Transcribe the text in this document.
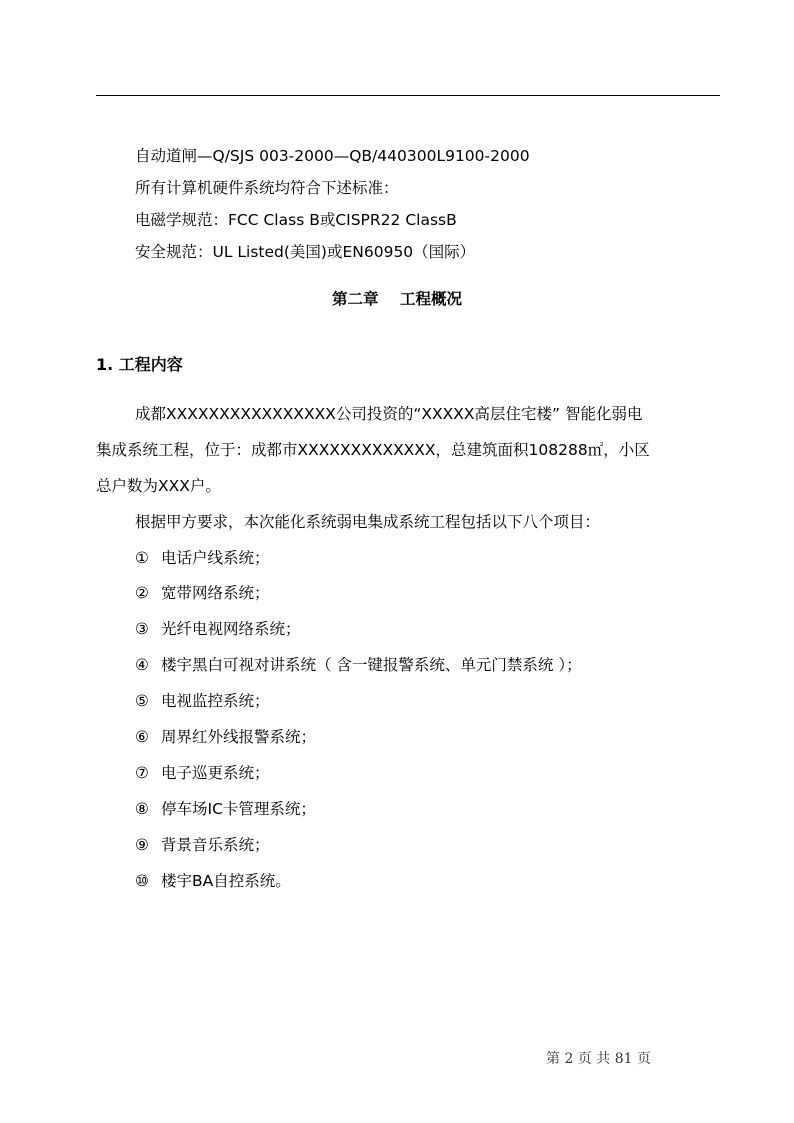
自动道闸—Q/SJS 003-2000—QB/440300L9100-2000
所有计算机硬件系统均符合下述标准：
电磁学规范：FCC Class B或CISPR22 ClassB
安全规范：UL Listed(美国)或EN60950（国际）
第二章    工程概况
1. 工程内容
成都XXXXXXXXXXXXXXXX公司投资的“XXXXX高层住宅楼” 智能化弱电
集成系统工程，位于：成都市XXXXXXXXXXXXX，总建筑面积108288㎡，小区
总户数为XXX户。
根据甲方要求，本次能化系统弱电集成系统工程包括以下八个项目：
① 电话户线系统；
② 宽带网络系统；
③ 光纤电视网络系统；
④ 楼宇黑白可视对讲系统（ 含一键报警系统、单元门禁系统 ）；
⑤ 电视监控系统；
⑥ 周界红外线报警系统；
⑦ 电子巡更系统；
⑧ 停车场IC卡管理系统；
⑨ 背景音乐系统；
⑩ 楼宇BA自控系统。
第 2 页 共 81 页
